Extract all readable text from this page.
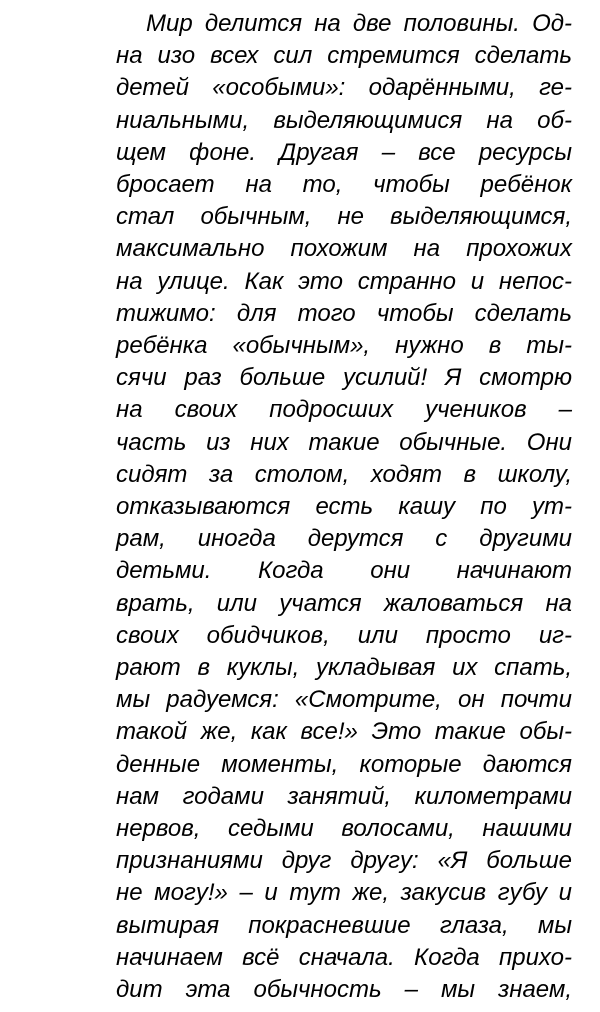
Мир делится на две половины. Од-
на изо всех сил стремится сделать
детей «особыми»: одарёнными, ге-
ниальными, выделяющимися на об-
щем фоне. Другая – все ресурсы
бросает на то, чтобы ребёнок
стал обычным, не выделяющимся,
максимально похожим на прохожих
на улице. Как это странно и непос-
тижимо: для того чтобы сделать
ребёнка «обычным», нужно в ты-
сячи раз больше усилий! Я смотрю
на своих подросших учеников –
часть из них такие обычные. Они
сидят за столом, ходят в школу,
отказываются есть кашу по ут-
рам, иногда дерутся с другими
детьми. Когда они начинают
врать, или учатся жаловаться на
своих обидчиков, или просто иг-
рают в куклы, укладывая их спать,
мы радуемся: «Смотрите, он почти
такой же, как все!» Это такие обы-
денные моменты, которые даются
нам годами занятий, километрами
нервов, седыми волосами, нашими
признаниями друг другу: «Я больше
не могу!» – и тут же, закусив губу и
вытирая покрасневшие глаза, мы
начинаем всё сначала. Когда прихо-
дит эта обычность – мы знаем,
